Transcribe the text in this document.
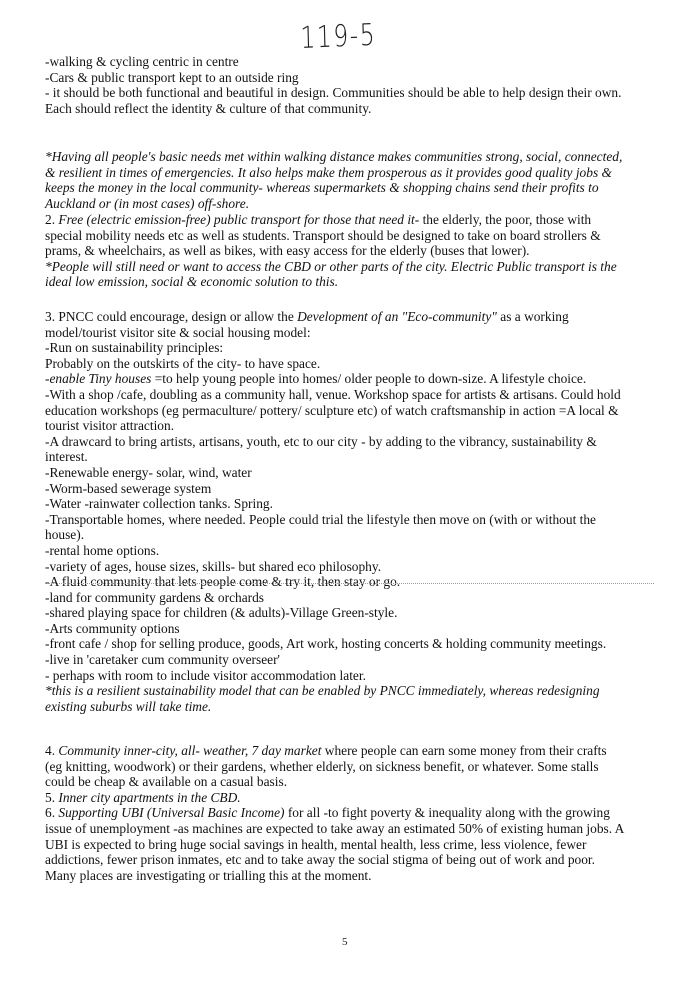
119-5
-walking & cycling centric in centre
-Cars & public transport kept to an outside ring
- it should be both functional and beautiful in design. Communities should be able to help design their own.
Each should reflect the identity & culture of that community.
*Having all people's basic needs met within walking distance makes communities strong, social, connected,
& resilient in times of emergencies. It also helps make them prosperous as it provides good quality jobs &
keeps the money in the local community- whereas supermarkets & shopping chains send their profits to
Auckland or (in most cases) off-shore.
2. Free (electric emission-free) public transport for those that need it- the elderly, the poor, those with
special mobility needs etc as well as students. Transport should be designed to take on board strollers &
prams, & wheelchairs, as well as bikes, with easy access for the elderly (buses that lower).
*People will still need or want to access the CBD or other parts of the city. Electric Public transport is the
ideal low emission, social & economic solution to this.
3. PNCC could encourage, design or allow the Development of an "Eco-community" as a working
model/tourist visitor site & social housing model:
-Run on sustainability principles:
Probably on the outskirts of the city- to have space.
-enable Tiny houses =to help young people into homes/ older people to down-size. A lifestyle choice.
-With a shop /cafe, doubling as a community hall, venue. Workshop space for artists & artisans. Could hold
education workshops (eg permaculture/ pottery/ sculpture etc) of watch craftsmanship in action =A local &
tourist visitor attraction.
-A drawcard to bring artists, artisans, youth, etc to our city - by adding to the vibrancy, sustainability &
interest.
-Renewable energy- solar, wind, water
-Worm-based sewerage system
-Water -rainwater collection tanks. Spring.
-Transportable homes, where needed. People could trial the lifestyle then move on (with or without the
house).
-rental home options.
-variety of ages, house sizes, skills- but shared eco philosophy.
-A fluid community that lets people come & try it, then stay or go.
-land for community gardens & orchards
-shared playing space for children (& adults)-Village Green-style.
-Arts community options
-front cafe / shop for selling produce, goods, Art work, hosting concerts & holding community meetings.
-live in 'caretaker cum community overseer'
- perhaps with room to include visitor accommodation later.
*this is a resilient sustainability model that can be enabled by PNCC immediately, whereas redesigning
existing suburbs will take time.
4. Community inner-city, all- weather, 7 day market where people can earn some money from their crafts
(eg knitting, woodwork) or their gardens, whether elderly, on sickness benefit, or whatever. Some stalls
could be cheap & available on a casual basis.
5. Inner city apartments in the CBD.
6. Supporting UBI (Universal Basic Income) for all -to fight poverty & inequality along with the growing
issue of unemployment -as machines are expected to take away an estimated 50% of existing human jobs. A
UBI is expected to bring huge social savings in health, mental health, less crime, less violence, fewer
addictions, fewer prison inmates, etc and to take away the social stigma of being out of work and poor.
Many places are investigating or trialling this at the moment.
5
